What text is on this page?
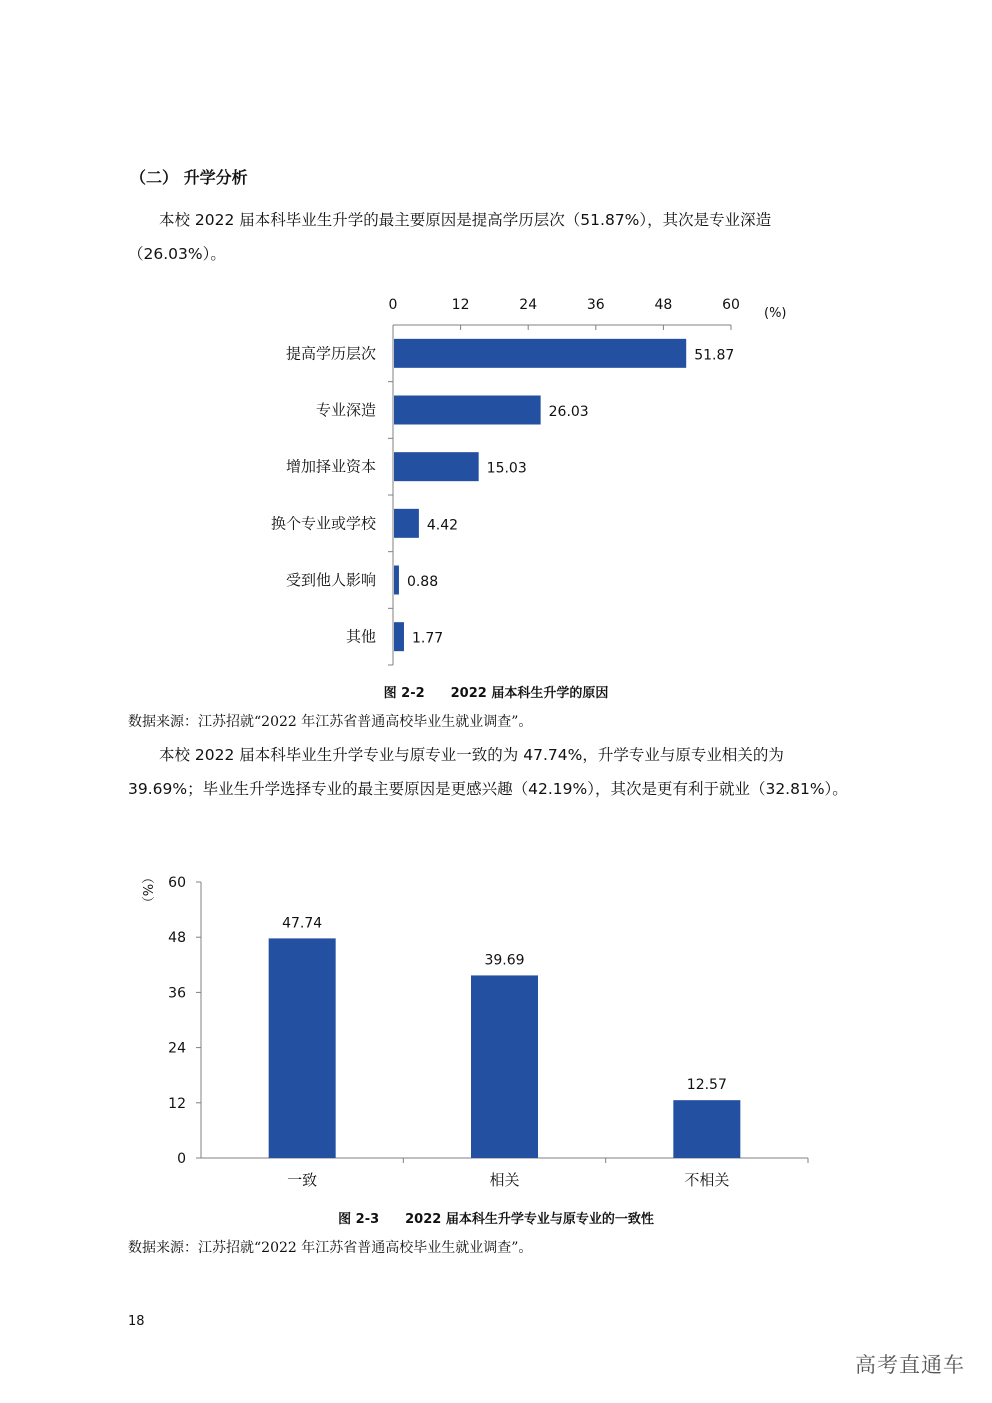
（二） 升学分析
本校 2022 届本科毕业生升学的最主要原因是提高学历层次（51.87%），其次是专业深造（26.03%）。
0	12	24	36	48	60
(%)
提高学历层次	51.87
专业深造	26.03
增加择业资本	15.03
换个专业或学校	4.42
受到他人影响 0.88
其他	1.77
图 2-2　　2022 届本科生升学的原因
数据来源：江苏招就“2022 年江苏省普通高校毕业生就业调查”。
本校 2022 届本科毕业生升学专业与原专业一致的为 47.74%，升学专业与原专业相关的为 39.69%；毕业生升学选择专业的最主要原因是更感兴趣（42.19%），其次是更有利于就业（32.81%）。
0
12
24
36
48
60
（%）
47.74
一致
39.69
相关
12.57
不相关
图 2-3　　2022 届本科生升学专业与原专业的一致性
数据来源：江苏招就“2022 年江苏省普通高校毕业生就业调查”。
18
高考直通车
